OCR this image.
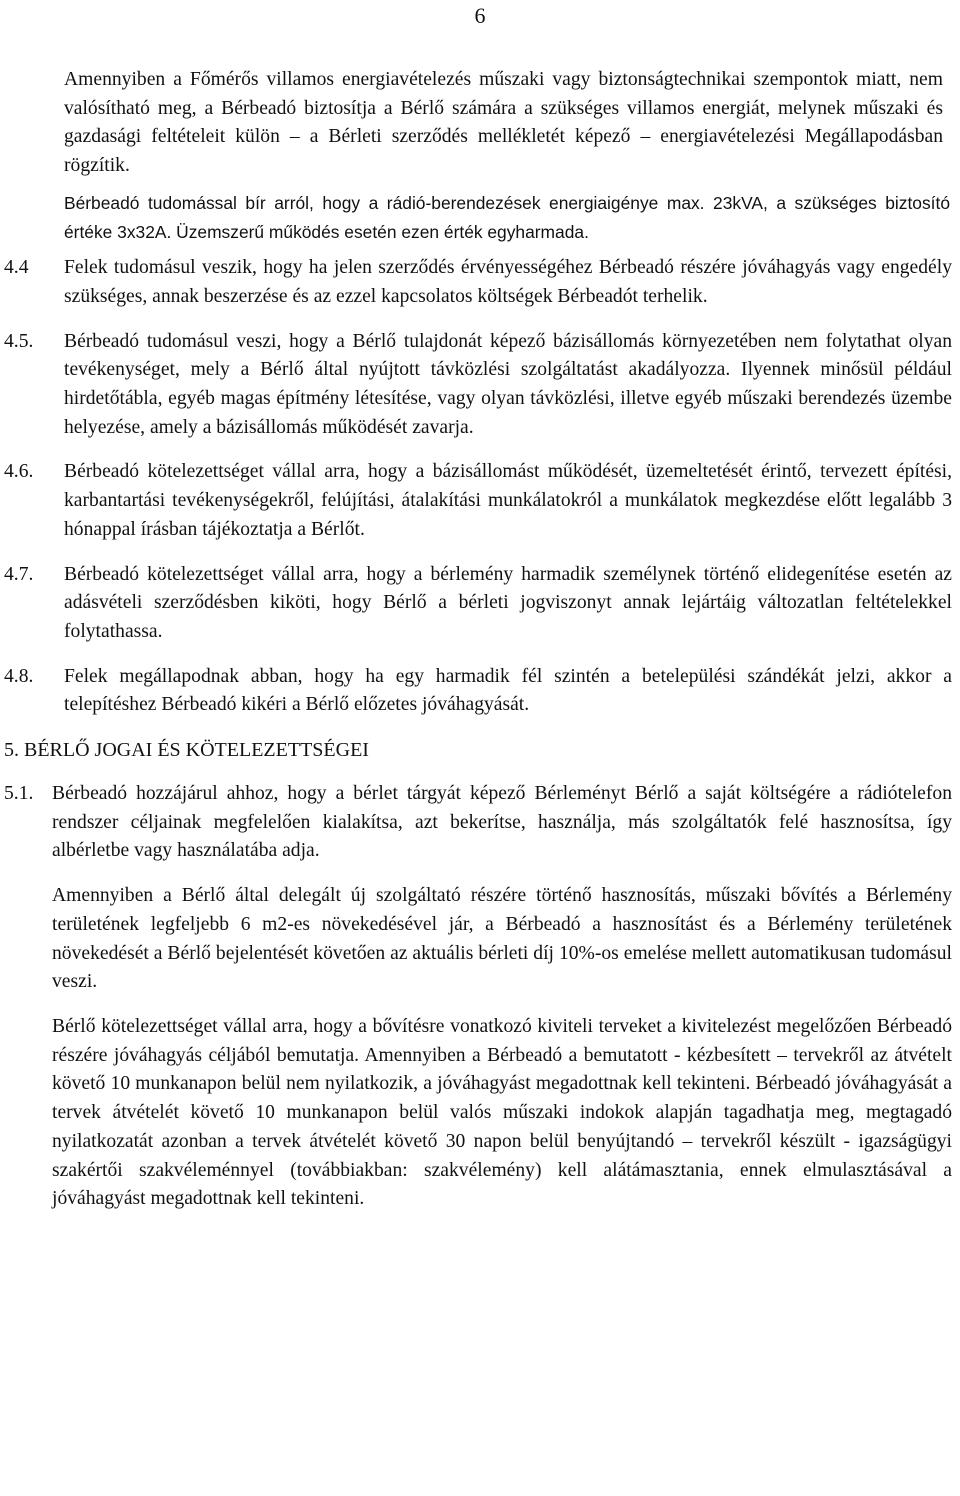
6

Amennyiben a Főmérős villamos energiavételezés műszaki vagy biztonságtechnikai szempontok miatt, nem valósítható meg, a Bérbeadó biztosítja a Bérlő számára a szükséges villamos energiát, melynek műszaki és gazdasági feltételeit külön – a Bérleti szerződés mellékletét képező – energiavételezési Megállapodásban rögzítik.

Bérbeadó tudomással bír arról, hogy a rádió-berendezések energiaigénye max. 23kVA, a szükséges biztosító értéke 3x32A. Üzemszerű működés esetén ezen érték egyharmada.

4.4 Felek tudomásul veszik, hogy ha jelen szerződés érvényességéhez Bérbeadó részére jóváhagyás vagy engedély szükséges, annak beszerzése és az ezzel kapcsolatos költségek Bérbeadót terhelik.
4.5. Bérbeadó tudomásul veszi, hogy a Bérlő tulajdonát képező bázisállomás környezetében nem folytathat olyan tevékenységet, mely a Bérlő által nyújtott távközlési szolgáltatást akadályozza. Ilyennek minősül például hirdetőtábla, egyéb magas építmény létesítése, vagy olyan távközlési, illetve egyéb műszaki berendezés üzembe helyezése, amely a bázisállomás működését zavarja.
4.6. Bérbeadó kötelezettséget vállal arra, hogy a bázisállomást működését, üzemeltetését érintő, tervezett építési, karbantartási tevékenységekről, felújítási, átalakítási munkálatokról a munkálatok megkezdése előtt legalább 3 hónappal írásban tájékoztatja a Bérlőt.
4.7. Bérbeadó kötelezettséget vállal arra, hogy a bérlemény harmadik személynek történő elidegenítése esetén az adásvételi szerződésben kiköti, hogy Bérlő a bérleti jogviszonyt annak lejártáig változatlan feltételekkel folytathassa.
4.8. Felek megállapodnak abban, hogy ha egy harmadik fél szintén a betelepülési szándékát jelzi, akkor a telepítéshez Bérbeadó kikéri a Bérlő előzetes jóváhagyását.

5. BÉRLŐ JOGAI ÉS KÖTELEZETTSÉGEI

5.1. Bérbeadó hozzájárul ahhoz, hogy a bérlet tárgyát képező Bérleményt Bérlő a saját költségére a rádiótelefon rendszer céljainak megfelelően kialakítsa, azt bekerítse, használja, más szolgáltatók felé hasznosítsa, így albérletbe vagy használatába adja.

Amennyiben a Bérlő által delegált új szolgáltató részére történő hasznosítás, műszaki bővítés a Bérlemény területének legfeljebb 6 m2-es növekedésével jár, a Bérbeadó a hasznosítást és a Bérlemény területének növekedését a Bérlő bejelentését követően az aktuális bérleti díj 10%-os emelése mellett automatikusan tudomásul veszi.

Bérlő kötelezettséget vállal arra, hogy a bővítésre vonatkozó kiviteli terveket a kivitelezést megelőzően Bérbeadó részére jóváhagyás céljából bemutatja. Amennyiben a Bérbeadó a bemutatott - kézbesített – tervekről az átvételt követő 10 munkanapon belül nem nyilatkozik, a jóváhagyást megadottnak kell tekinteni. Bérbeadó jóváhagyását a tervek átvételét követő 10 munkanapon belül valós műszaki indokok alapján tagadhatja meg, megtagadó nyilatkozatát azonban a tervek átvételét követő 30 napon belül benyújtandó – tervekről készült - igazságügyi szakértői szakvéleménnyel (továbbiakban: szakvélemény) kell alátámasztania, ennek elmulasztásával a jóváhagyást megadottnak kell tekinteni.
